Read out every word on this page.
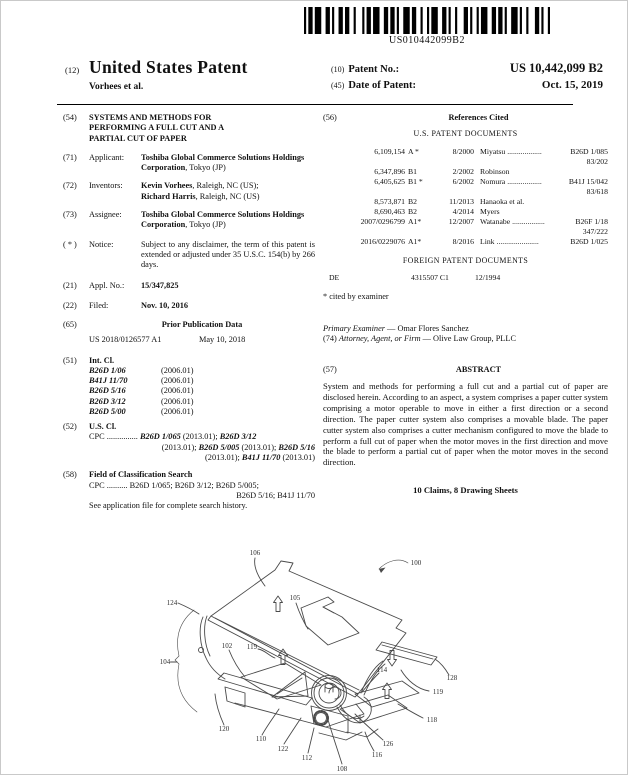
US010442099B2
(12) United States Patent
Vorhees et al.
(10) Patent No.:	US 10,442,099 B2
(45) Date of Patent:	Oct. 15, 2019
(54)	SYSTEMS AND METHODS FOR PERFORMING A FULL CUT AND A PARTIAL CUT OF PAPER
(71)	Applicant:	Toshiba Global Commerce Solutions Holdings Corporation, Tokyo (JP)
(72)	Inventors:	Kevin Vorhees, Raleigh, NC (US);
Richard Harris, Raleigh, NC (US)
(73)	Assignee:	Toshiba Global Commerce Solutions Holdings Corporation, Tokyo (JP)
( * )	Notice:	Subject to any disclaimer, the term of this patent is extended or adjusted under 35 U.S.C. 154(b) by 266 days.
(21)	Appl. No.:	15/347,825
(22)	Filed:	Nov. 10, 2016
(65)	Prior Publication Data
US 2018/0126577 A1	May 10, 2018
(51)	Int. Cl.
B26D 1/06	(2006.01)
B41J 11/70	(2006.01)
B26D 5/16	(2006.01)
B26D 3/12	(2006.01)
B26D 5/00	(2006.01)
(52)	U.S. Cl.
CPC ............... B26D 1/065 (2013.01); B26D 3/12
(2013.01); B26D 5/005 (2013.01); B26D 5/16
(2013.01); B41J 11/70 (2013.01)
(58)	Field of Classification Search
CPC .......... B26D 1/065; B26D 3/12; B26D 5/005;
B26D 5/16; B41J 11/70
See application file for complete search history.
(56)	References Cited
U.S. PATENT DOCUMENTS
6,109,154 A *	8/2000 Miyatsu ..................	B26D 1/085
83/202
6,347,896 B1	2/2002 Robinson
6,405,625 B1 *	6/2002 Nomura ..................	B41J 15/042
83/618
8,573,871 B2	11/2013 Hanaoka et al.
8,690,463 B2	4/2014 Myers
2007/0296799 A1*	12/2007 Watanabe .................	B26F 1/18
347/222
2016/0229076 A1*	8/2016 Link ......................	B26D 1/025
FOREIGN PATENT DOCUMENTS
DE	4315507 C1	12/1994
* cited by examiner
Primary Examiner — Omar Flores Sanchez
(74) Attorney, Agent, or Firm — Olive Law Group, PLLC
(57)	ABSTRACT
System and methods for performing a full cut and a partial cut of paper are disclosed herein. According to an aspect, a system comprises a paper cutter system comprising a motor operable to move in either a first direction or a second direction. The paper cutter system also comprises a movable blade. The paper cutter system also comprises a cutter mechanism configured to move the blade to perform a full cut of paper when the motor moves in the first direction and move the blade to perform a partial cut of paper when the motor moves in the second direction.
10 Claims, 8 Drawing Sheets
106
100
124
105
102 119
104
114
128
119
118
120
110
122
112
108
116
126
